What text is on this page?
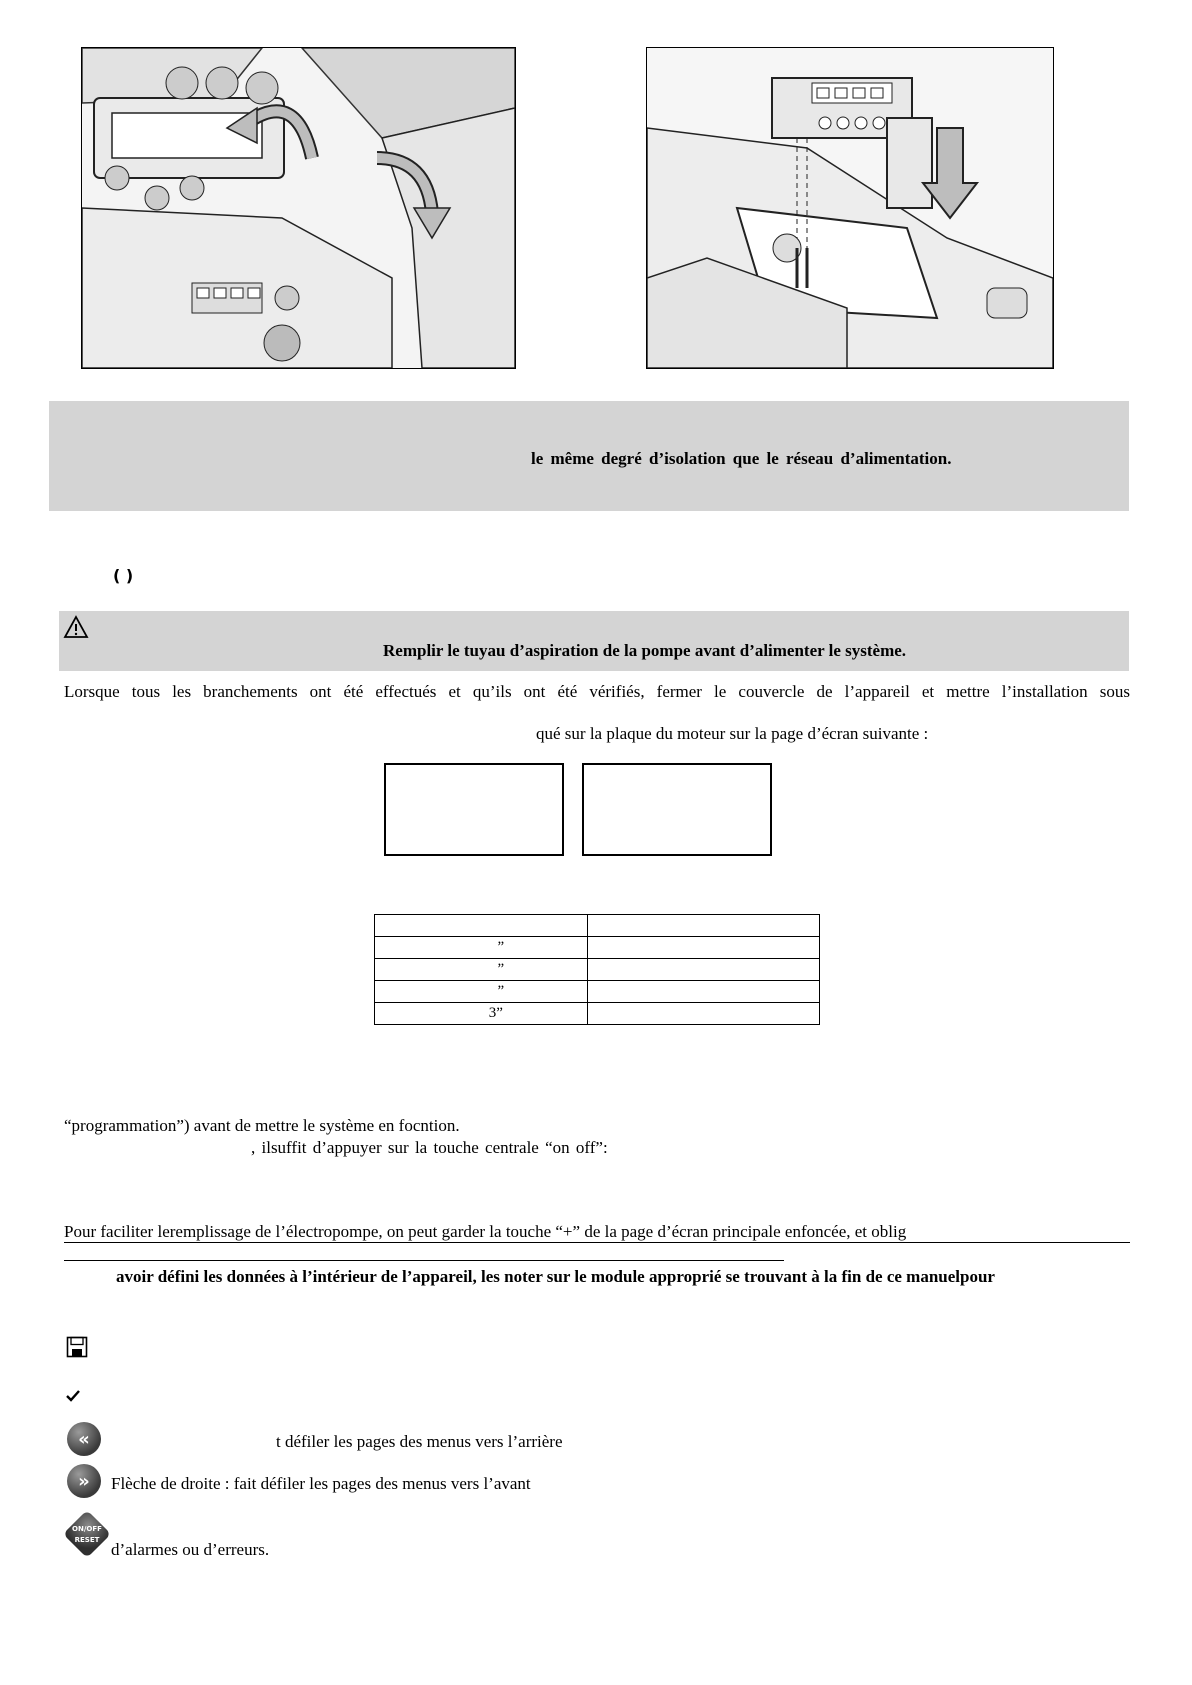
le même degré d’isolation que le réseau d’alimentation.
( )
Remplir le tuyau d’aspiration de la pompe avant d’alimenter le système.
Lorsque tous les branchements ont été effectués et qu’ils ont été vérifiés, fermer le couvercle de l’appareil et mettre l’installation sous
qué sur la plaque du moteur sur la page d’écran suivante :

”	
”	
”	
3”	
“programmation”) avant de mettre le système en focntion.
, ilsuffit d’appuyer sur la touche centrale “on off”:
Pour faciliter leremplissage de l’électropompe, on peut garder la touche “+” de la page d’écran principale enfoncée, et oblig
avoir défini les données à l’intérieur de l’appareil, les noter sur le module approprié se trouvant à la fin de ce manuelpour
«	t défiler les pages des menus vers l’arrière
»	Flèche de droite : fait défiler les pages des menus vers l’avant
ON/OFF
RESET d’alarmes ou d’erreurs.
